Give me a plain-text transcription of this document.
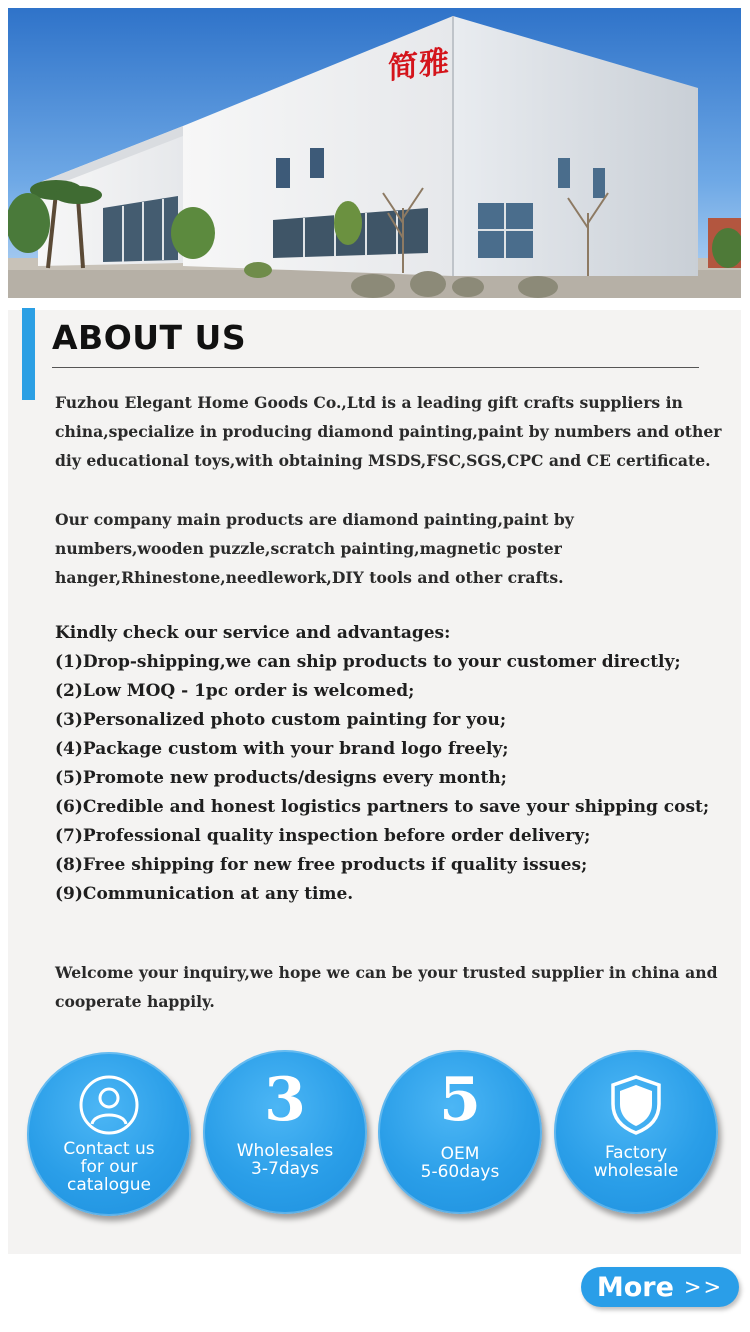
简雅
ABOUT US

Fuzhou Elegant Home Goods Co.,Ltd is a leading gift crafts suppliers in china,specialize in producing diamond painting,paint by numbers and other diy educational toys,with obtaining MSDS,FSC,SGS,CPC and CE certificate.

Our company main products are diamond painting,paint by numbers,wooden puzzle,scratch painting,magnetic poster hanger,Rhinestone,needlework,DIY tools and other crafts.

Kindly check our service and advantages:
(1)Drop-shipping,we can ship products to your customer directly;
(2)Low MOQ - 1pc order is welcomed;
(3)Personalized photo custom painting for you;
(4)Package custom with your brand logo freely;
(5)Promote new products/designs every month;
(6)Credible and honest logistics partners to save your shipping cost;
(7)Professional quality inspection before order delivery;
(8)Free shipping for new free products if quality issues;
(9)Communication at any time.

Welcome your inquiry,we hope we can be your trusted supplier in china and cooperate happily.

Contact us
for our
catalogue
3
Wholesales
3-7days
5
OEM
5-60days
Factory
wholesale
More >>
